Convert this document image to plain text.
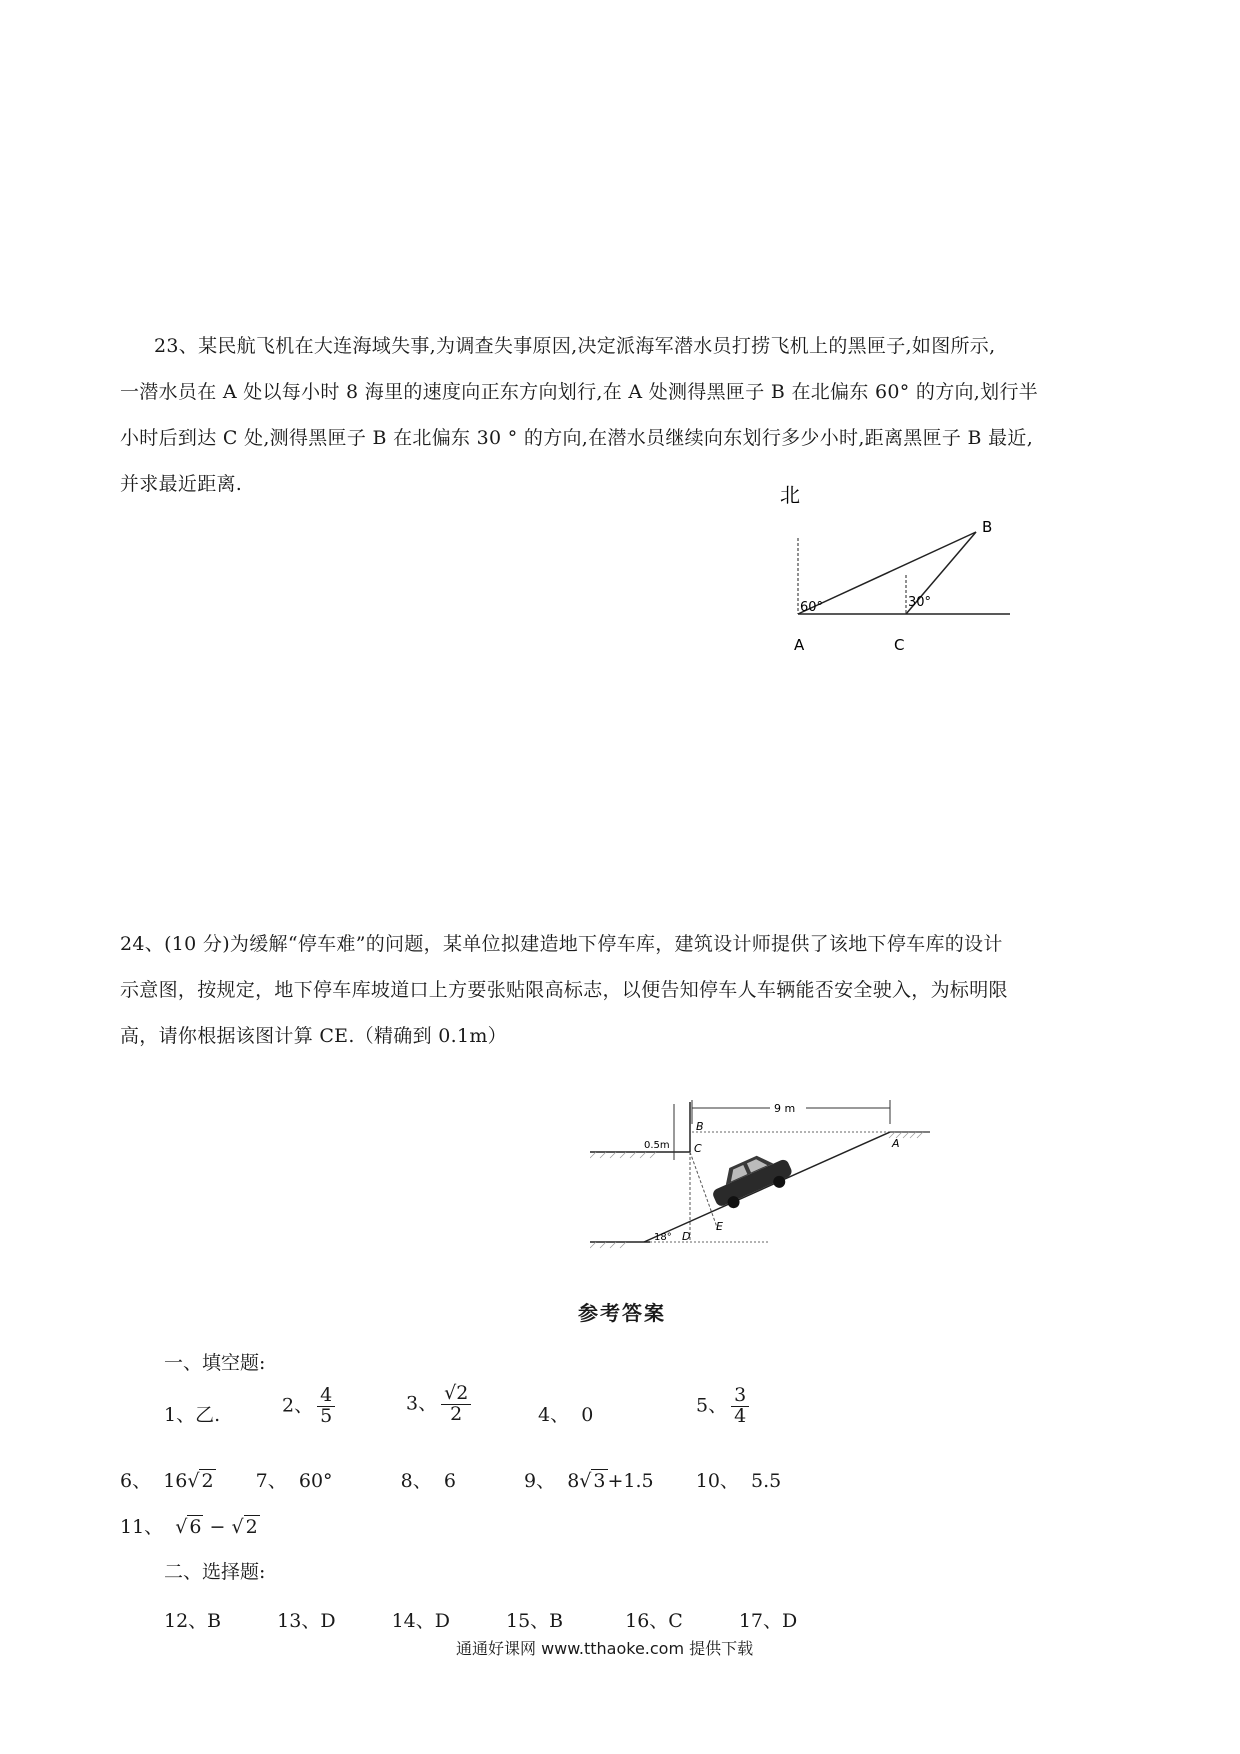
23、某民航飞机在大连海域失事,为调查失事原因,决定派海军潜水员打捞飞机上的黑匣子,如图所示,
一潜水员在 A 处以每小时 8 海里的速度向正东方向划行,在 A 处测得黑匣子 B 在北偏东 60° 的方向,划行半
小时后到达 C 处,测得黑匣子 B 在北偏东 30 ° 的方向,在潜水员继续向东划行多少小时,距离黑匣子 B 最近,
并求最近距离.	北
60°	30°
B
A	C
24、(10 分)为缓解“停车难”的问题，某单位拟建造地下停车库，建筑设计师提供了该地下停车库的设计
示意图，按规定，地下停车库坡道口上方要张贴限高标志，以便告知停车人车辆能否安全驶入，为标明限
高，请你根据该图计算 CE.（精确到 0.1m）
9 m
0.5m
B
C	A
E
D
18°
参考答案
一、填空题:
1、乙.	2、 $\frac{4}{5}$	3、 $\frac{√2}{2}$	4、 0	5、 $\frac{3}{4}$
6、 16√ 2 7、 60°	8、 6	9、 8√ 3 +1.5 10、 5.5
11、 √ 6 − √ 2
二、选择题:
12、B	13、D	14、D	15、B	16、C	17、D
通通好课网 www.tthaoke.com 提供下载
